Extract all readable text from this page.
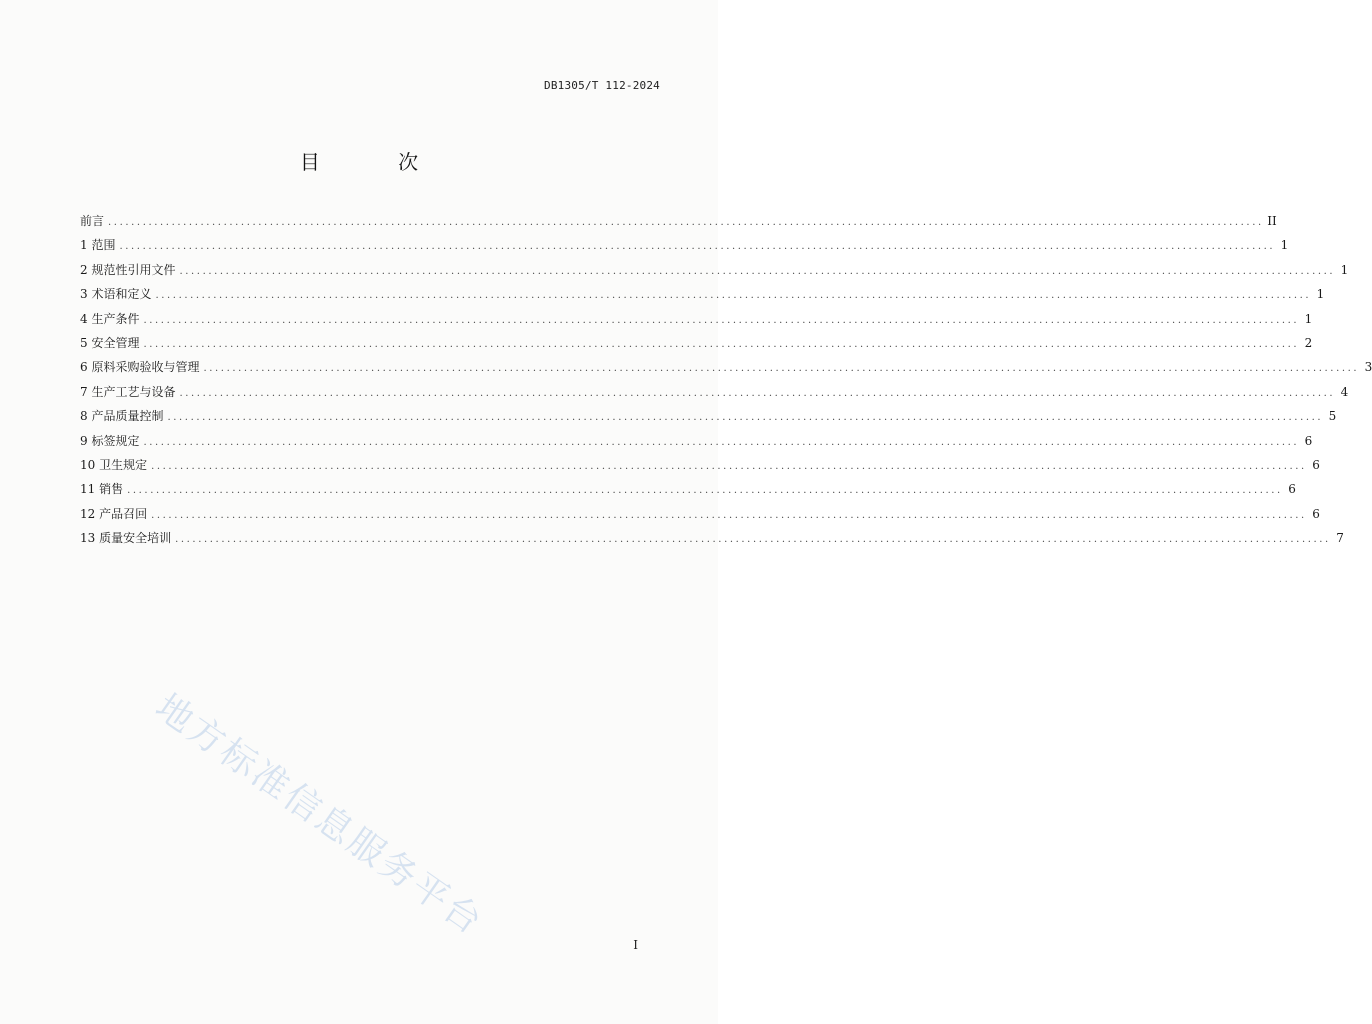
DB1305/T 112-2024
目 次
前言 ........................................................................................................................................................................................................ II
1 范围 ........................................................................................................................................................................................................ 1
2 规范性引用文件 ........................................................................................................................................................................................................ 1
3 术语和定义 ........................................................................................................................................................................................................ 1
4 生产条件 ........................................................................................................................................................................................................ 1
5 安全管理 ........................................................................................................................................................................................................ 2
6 原料采购验收与管理 ........................................................................................................................................................................................................ 3
7 生产工艺与设备 ........................................................................................................................................................................................................ 4
8 产品质量控制 ........................................................................................................................................................................................................ 5
9 标签规定 ........................................................................................................................................................................................................ 6
10 卫生规定 ........................................................................................................................................................................................................ 6
11 销售 ........................................................................................................................................................................................................ 6
12 产品召回 ........................................................................................................................................................................................................ 6
13 质量安全培训 ........................................................................................................................................................................................................ 7
地方标准信息服务平台
I
